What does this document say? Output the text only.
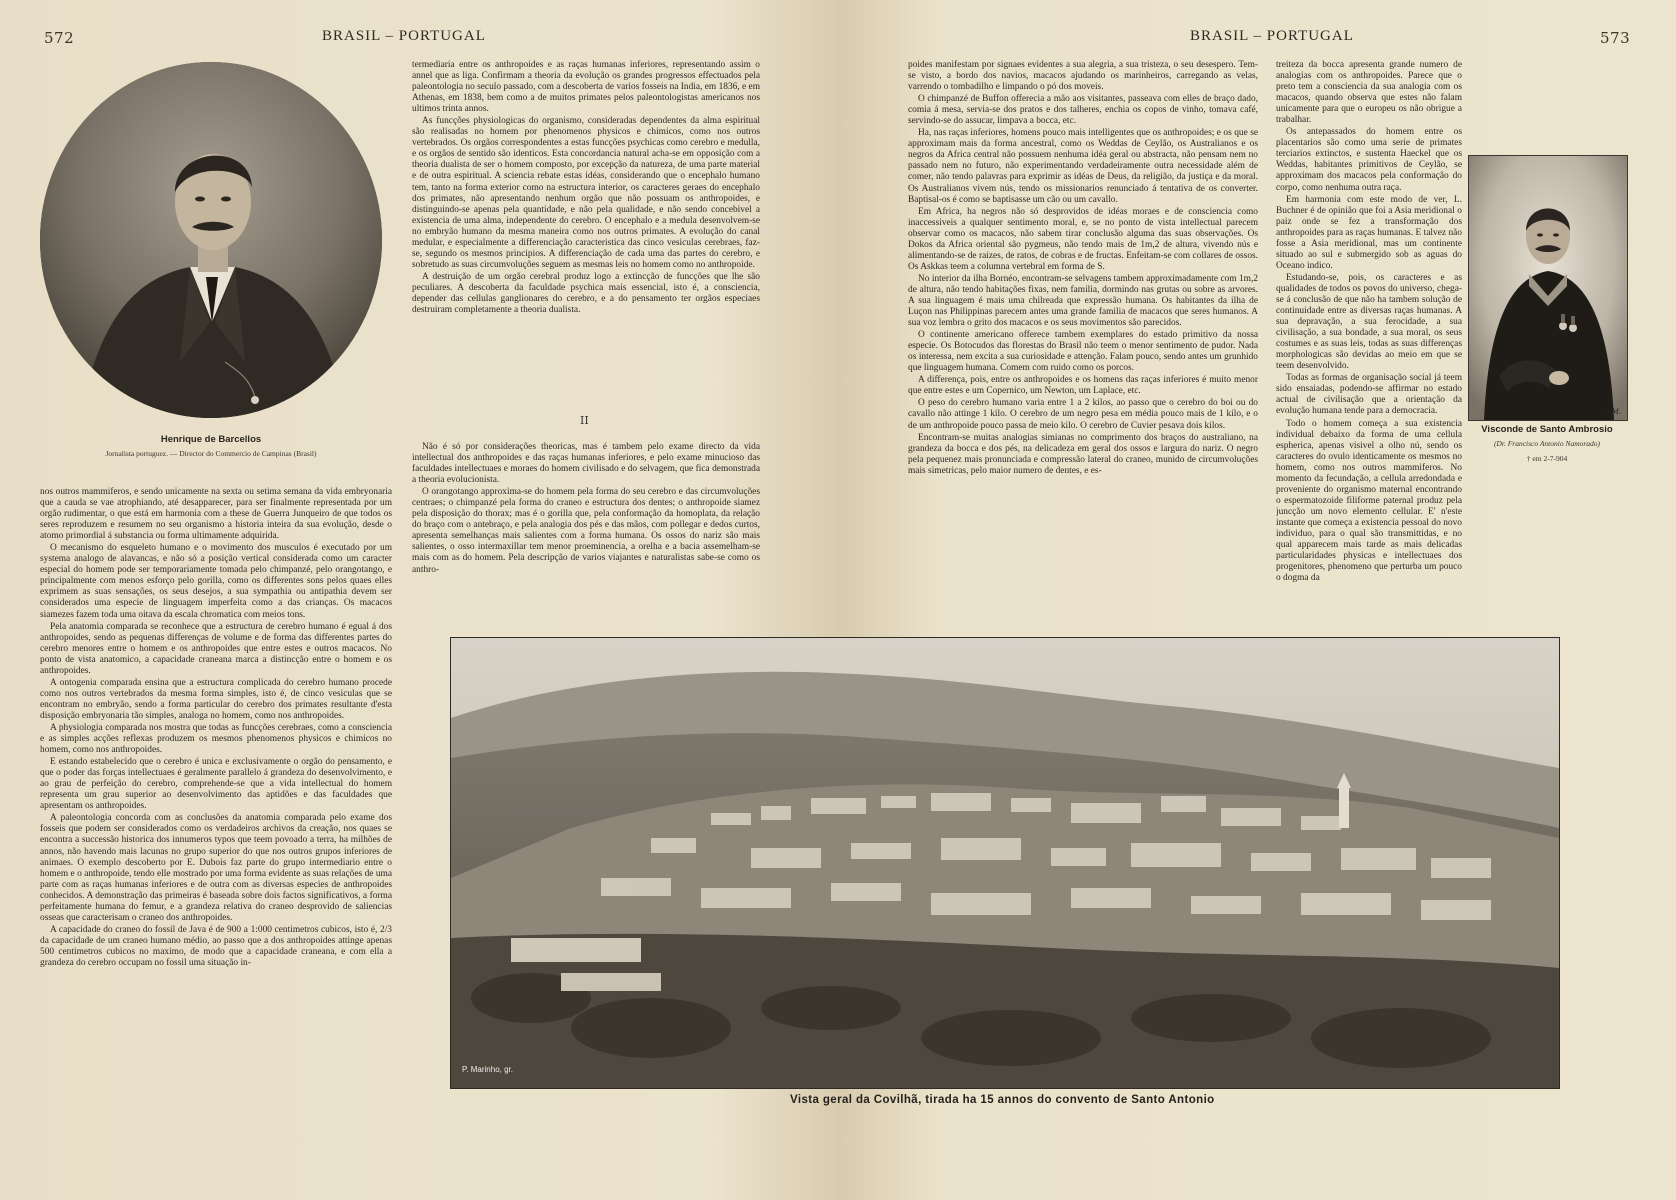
572	BRASIL – PORTUGAL
Henrique de Barcellos
Jornalista portuguez. — Director do Commercio de Campinas (Brasil)

termediaria entre os anthropoides e as raças humanas inferiores, representando assim o annel que as liga. Confirmam a theoria da evolução os grandes progressos effectuados pela paleontologia no seculo passado, com a descoberta de varios fosseis na India, em 1836, e em Athenas, em 1838, bem como a de muitos primates pelos paleontologistas americanos nos ultimos trinta annos.

As funcções physiologicas do organismo, consideradas dependentes da alma espiritual são realisadas no homem por phenomenos physicos e chimicos, como nos outros vertebrados. Os orgãos correspondentes a estas funcções psychicas como cerebro e medulla, e os orgãos de sentido são identicos. Esta concordancia natural acha-se em opposição com a theoria dualista de ser o homem composto, por excepção da natureza, de uma parte material e de outra espiritual. A sciencia rebate estas idéas, considerando que o encephalo humano tem, tanto na forma exterior como na estructura interior, os caracteres geraes do encephalo dos primates, não apresentando nenhum orgão que não possuam os anthropoides, e distinguindo-se apenas pela quantidade, e não pela qualidade, e não sendo concebivel a existencia de uma alma, independente do cerebro. O encephalo e a medula desenvolvem-se no embryão humano da mesma maneira como nos outros primates. A evolução do canal medular, e especialmente a differenciação caracteristica das cinco vesiculas cerebraes, faz-se, segundo os mesmos principios. A differenciação de cada uma das partes do cerebro, e sobretudo as suas circumvoluções seguem as mesmas leis no homem como no anthropoide.

A destruição de um orgão cerebral produz logo a extincção de funcções que lhe são peculiares. A descoberta da faculdade psychica mais essencial, isto é, a consciencia, depender das cellulas ganglionares do cerebro, e a do pensamento ter orgãos especiaes destruiram completamente a theoria dualista.

II

Não é só por considerações theoricas, mas é tambem pelo exame directo da vida intellectual dos anthropoides e das raças humanas inferiores, e pelo exame minucioso das faculdades intellectuaes e moraes do homem civilisado e do selvagem, que fica demonstrada a theoria evolucionista.

O orangotango approxima-se do homem pela forma do seu cerebro e das circumvoluções centraes; o chimpanzé pela forma do craneo e estructura dos dentes; o anthropoide siamez pela disposição do thorax; mas é o gorilla que, pela conformação da homoplata, da relação do braço com o antebraço, e pela analogia dos pés e das mãos, com pollegar e dedos curtos, apresenta semelhanças mais salientes com a forma humana. Os ossos do nariz são mais salientes, o osso intermaxillar tem menor proeminencia, a orelha e a bacia assemelham-se mais com as do homem. Pela descripção de varios viajantes e naturalistas sabe-se como os anthro-

nos outros mammiferos, e sendo unicamente na sexta ou setima semana da vida embryonaria que a cauda se vae atrophiando, até desapparecer, para ser finalmente representada por um orgão rudimentar, o que está em harmonia com a these de Guerra Junqueiro de que todos os seres reproduzem e resumem no seu organismo a historia inteira da sua evolução, desde o atomo primordial á substancia ou forma ultimamente adquirida.

O mecanismo do esqueleto humano e o movimento dos musculos é executado por um systema analogo de alavancas, e não só a posição vertical considerada como um caracter especial do homem pode ser temporariamente tomada pelo chimpanzé, pelo orangotango, e principalmente com menos esforço pelo gorilla, como os differentes sons pelos quaes elles exprimem as suas sensações, os seus desejos, a sua sympathia ou antipathia devem ser considerados uma especie de linguagem imperfeita como a das crianças. Os macacos siamezes fazem toda uma oitava da escala chromatica com meios tons.

Pela anatomia comparada se reconhece que a estructura de cerebro humano é egual á dos anthropoides, sendo as pequenas differenças de volume e de forma das differentes partes do cerebro menores entre o homem e os anthropoides que entre estes e outros macacos. No ponto de vista anatomico, a capacidade craneana marca a distincção entre o homem e os anthropoides.

A ontogenia comparada ensina que a estructura complicada do cerebro humano procede como nos outros vertebrados da mesma forma simples, isto é, de cinco vesiculas que se encontram no embryão, sendo a forma particular do cerebro dos primates resultante d'esta disposição embryonaria tão simples, analoga no homem, como nos anthropoides.

A physiologia comparada nos mostra que todas as funcções cerebraes, como a consciencia e as simples acções reflexas produzem os mesmos phenomenos physicos e chimicos no homem, como nos anthropoides.

E estando estabelecido que o cerebro é unica e exclusivamente o orgão do pensamento, e que o poder das forças intellectuaes é geralmente parallelo á grandeza do desenvolvimento, e ao grau de perfeição do cerebro, comprehende-se que a vida intellectual do homem representa um grau superior ao desenvolvimento das aptidões e das faculdades que apresentam os anthropoides.

A paleontologia concorda com as conclusões da anatomia comparada pelo exame dos fosseis que podem ser considerados como os verdadeiros archivos da creação, nos quaes se encontra a successão historica dos innumeros typos que teem povoado a terra, ha milhões de annos, não havendo mais lacunas no grupo superior do que nos outros grupos inferiores de animaes. O exemplo descoberto por E. Dubois faz parte do grupo intermediario entre o homem e o anthropoide, tendo elle mostrado por uma forma evidente as suas relações de uma parte com as raças humanas inferiores e de outra com as diversas especies de anthropoides conhecidos. A demonstração das primeiras é baseada sobre dois factos significativos, a forma perfeitamente humana do femur, e a grandeza relativa do craneo desprovido de saliencias osseas que caracterisam o craneo dos anthropoides.

A capacidade do craneo do fossil de Java é de 900 a 1:000 centimetros cubicos, isto é, 2/3 da capacidade de um craneo humano médio, ao passo que a dos anthropoides attinge apenas 500 centimetros cubicos no maximo, de modo que a capacidade craneana, e com ella a grandeza do cerebro occupam no fossil uma situação in-

BRASIL – PORTUGAL	573

poides manifestam por signaes evidentes a sua alegria, a sua tristeza, o seu desespero. Tem-se visto, a bordo dos navios, macacos ajudando os marinheiros, carregando as velas, varrendo o tombadilho e limpando o pó dos moveis.

O chimpanzé de Buffon offerecia a mão aos visitantes, passeava com elles de braço dado, comia á mesa, servia-se dos pratos e dos talheres, enchia os copos de vinho, tomava café, servindo-se do assucar, limpava a bocca, etc.

Ha, nas raças inferiores, homens pouco mais intelligentes que os anthropoides; e os que se approximam mais da forma ancestral, como os Weddas de Ceylão, os Australianos e os negros da Africa central não possuem nenhuma idéa geral ou abstracta, não pensam nem no passado nem no futuro, não experimentando verdadeiramente outra necessidade além de comer, não tendo palavras para exprimir as idéas de Deus, da religião, da justiça e da moral. Os Australianos vivem nús, tendo os missionarios renunciado á tentativa de os converter. Baptisal-os é como se baptisasse um cão ou um cavallo.

Em Africa, ha negros não só desprovidos de idéas moraes e de consciencia como inaccessiveis a qualquer sentimento moral, e, se no ponto de vista intellectual parecem observar como os macacos, não sabem tirar conclusão alguma das suas observações. Os Dokos da Africa oriental são pygmeus, não tendo mais de 1m,2 de altura, vivendo nús e alimentando-se de raizes, de ratos, de cobras e de fructas. Enfeitam-se com collares de ossos. Os Askkas teem a columna vertebral em forma de S.

No interior da ilha Bornéo, encontram-se selvagens tambem approximadamente com 1m,2 de altura, não tendo habitações fixas, nem familia, dormindo nas grutas ou sobre as arvores. A sua linguagem é mais uma chilreada que expressão humana. Os habitantes da ilha de Luçon nas Philippinas parecem antes uma grande familia de macacos que seres humanos. A sua voz lembra o grito dos macacos e os seus movimentos são parecidos.

O continente americano offerece tambem exemplares do estado primitivo da nossa especie. Os Botocudos das florestas do Brasil não teem o menor sentimento de pudor. Nada os interessa, nem excita a sua curiosidade e attenção. Falam pouco, sendo antes um grunhido que linguagem humana. Comem com ruido como os porcos.

A differença, pois, entre os anthropoides e os homens das raças inferiores é muito menor que entre estes e um Copernico, um Newton, um Laplace, etc.

O peso do cerebro humano varia entre 1 a 2 kilos, ao passo que o cerebro do boi ou do cavallo não attinge 1 kilo. O cerebro de um negro pesa em média pouco mais de 1 kilo, e o de um anthropoide pouco passa de meio kilo. O cerebro de Cuvier pesava dois kilos.

Encontram-se muitas analogias simianas no comprimento dos braços do australiano, na grandeza da bocca e dos pés, na delicadeza em geral dos ossos e largura do nariz. O negro pela pequenez mais pronunciada e compressão lateral do craneo, munido de circumvoluções mais simetricas, pelo maior numero de dentes, e es-

treiteza da bocca apresenta grande numero de analogias com os anthropoides. Parece que o preto tem a consciencia da sua analogia com os macacos, quando observa que estes não falam unicamente para que o europeu os não obrigue a trabalhar.

Os antepassados do homem entre os placentarios são como uma serie de primates terciarios extinctos, e sustenta Haeckel que os Weddas, habitantes primitivos de Ceylão, se approximam dos macacos pela conformação do corpo, como nenhuma outra raça.

Em harmonia com este modo de ver, L. Buchner é de opinião que foi a Asia meridional o paiz onde se fez a transformação dos anthropoides para as raças humanas. E talvez não fosse a Asia meridional, mas um continente situado ao sul e submergido sob as aguas do Oceano indico.

Estudando-se, pois, os caracteres e as qualidades de todos os povos do universo, chega-se á conclusão de que não ha tambem solução de continuidade entre as diversas raças humanas. A sua depravação, a sua ferocidade, a sua civilisação, a sua bondade, a sua moral, os seus costumes e as suas leis, todas as suas differenças morphologicas são devidas ao meio em que se teem desenvolvido.

Todas as formas de organisação social já teem sido ensaiadas, podendo-se affirmar no estado actual de civilisação que a orientação da evolução humana tende para a democracia.

Todo o homem começa a sua existencia individual debaixo da forma de uma cellula espherica, apenas visivel a olho nú, sendo os caracteres do ovulo identicamente os mesmos no homem, como nos outros mammiferos. No momento da fecundação, a cellula arredondada e proveniente do organismo maternal encontrando o espermatozoide filiforme paternal produz pela juncção um novo elemento cellular. E' n'este instante que começa a existencia pessoal do novo individuo, para o qual são transmittidas, e no qual apparecem mais tarde as mais delicadas particularidades physicas e intellectuaes dos progenitores, phenomeno que perturba um pouco o dogma da

P.M.
Visconde de Santo Ambrosio
(Dr. Francisco Antonio Namorado)
† em 2-7-904
P. Marinho, gr.
Vista geral da Covilhã, tirada ha 15 annos do convento de Santo Antonio
